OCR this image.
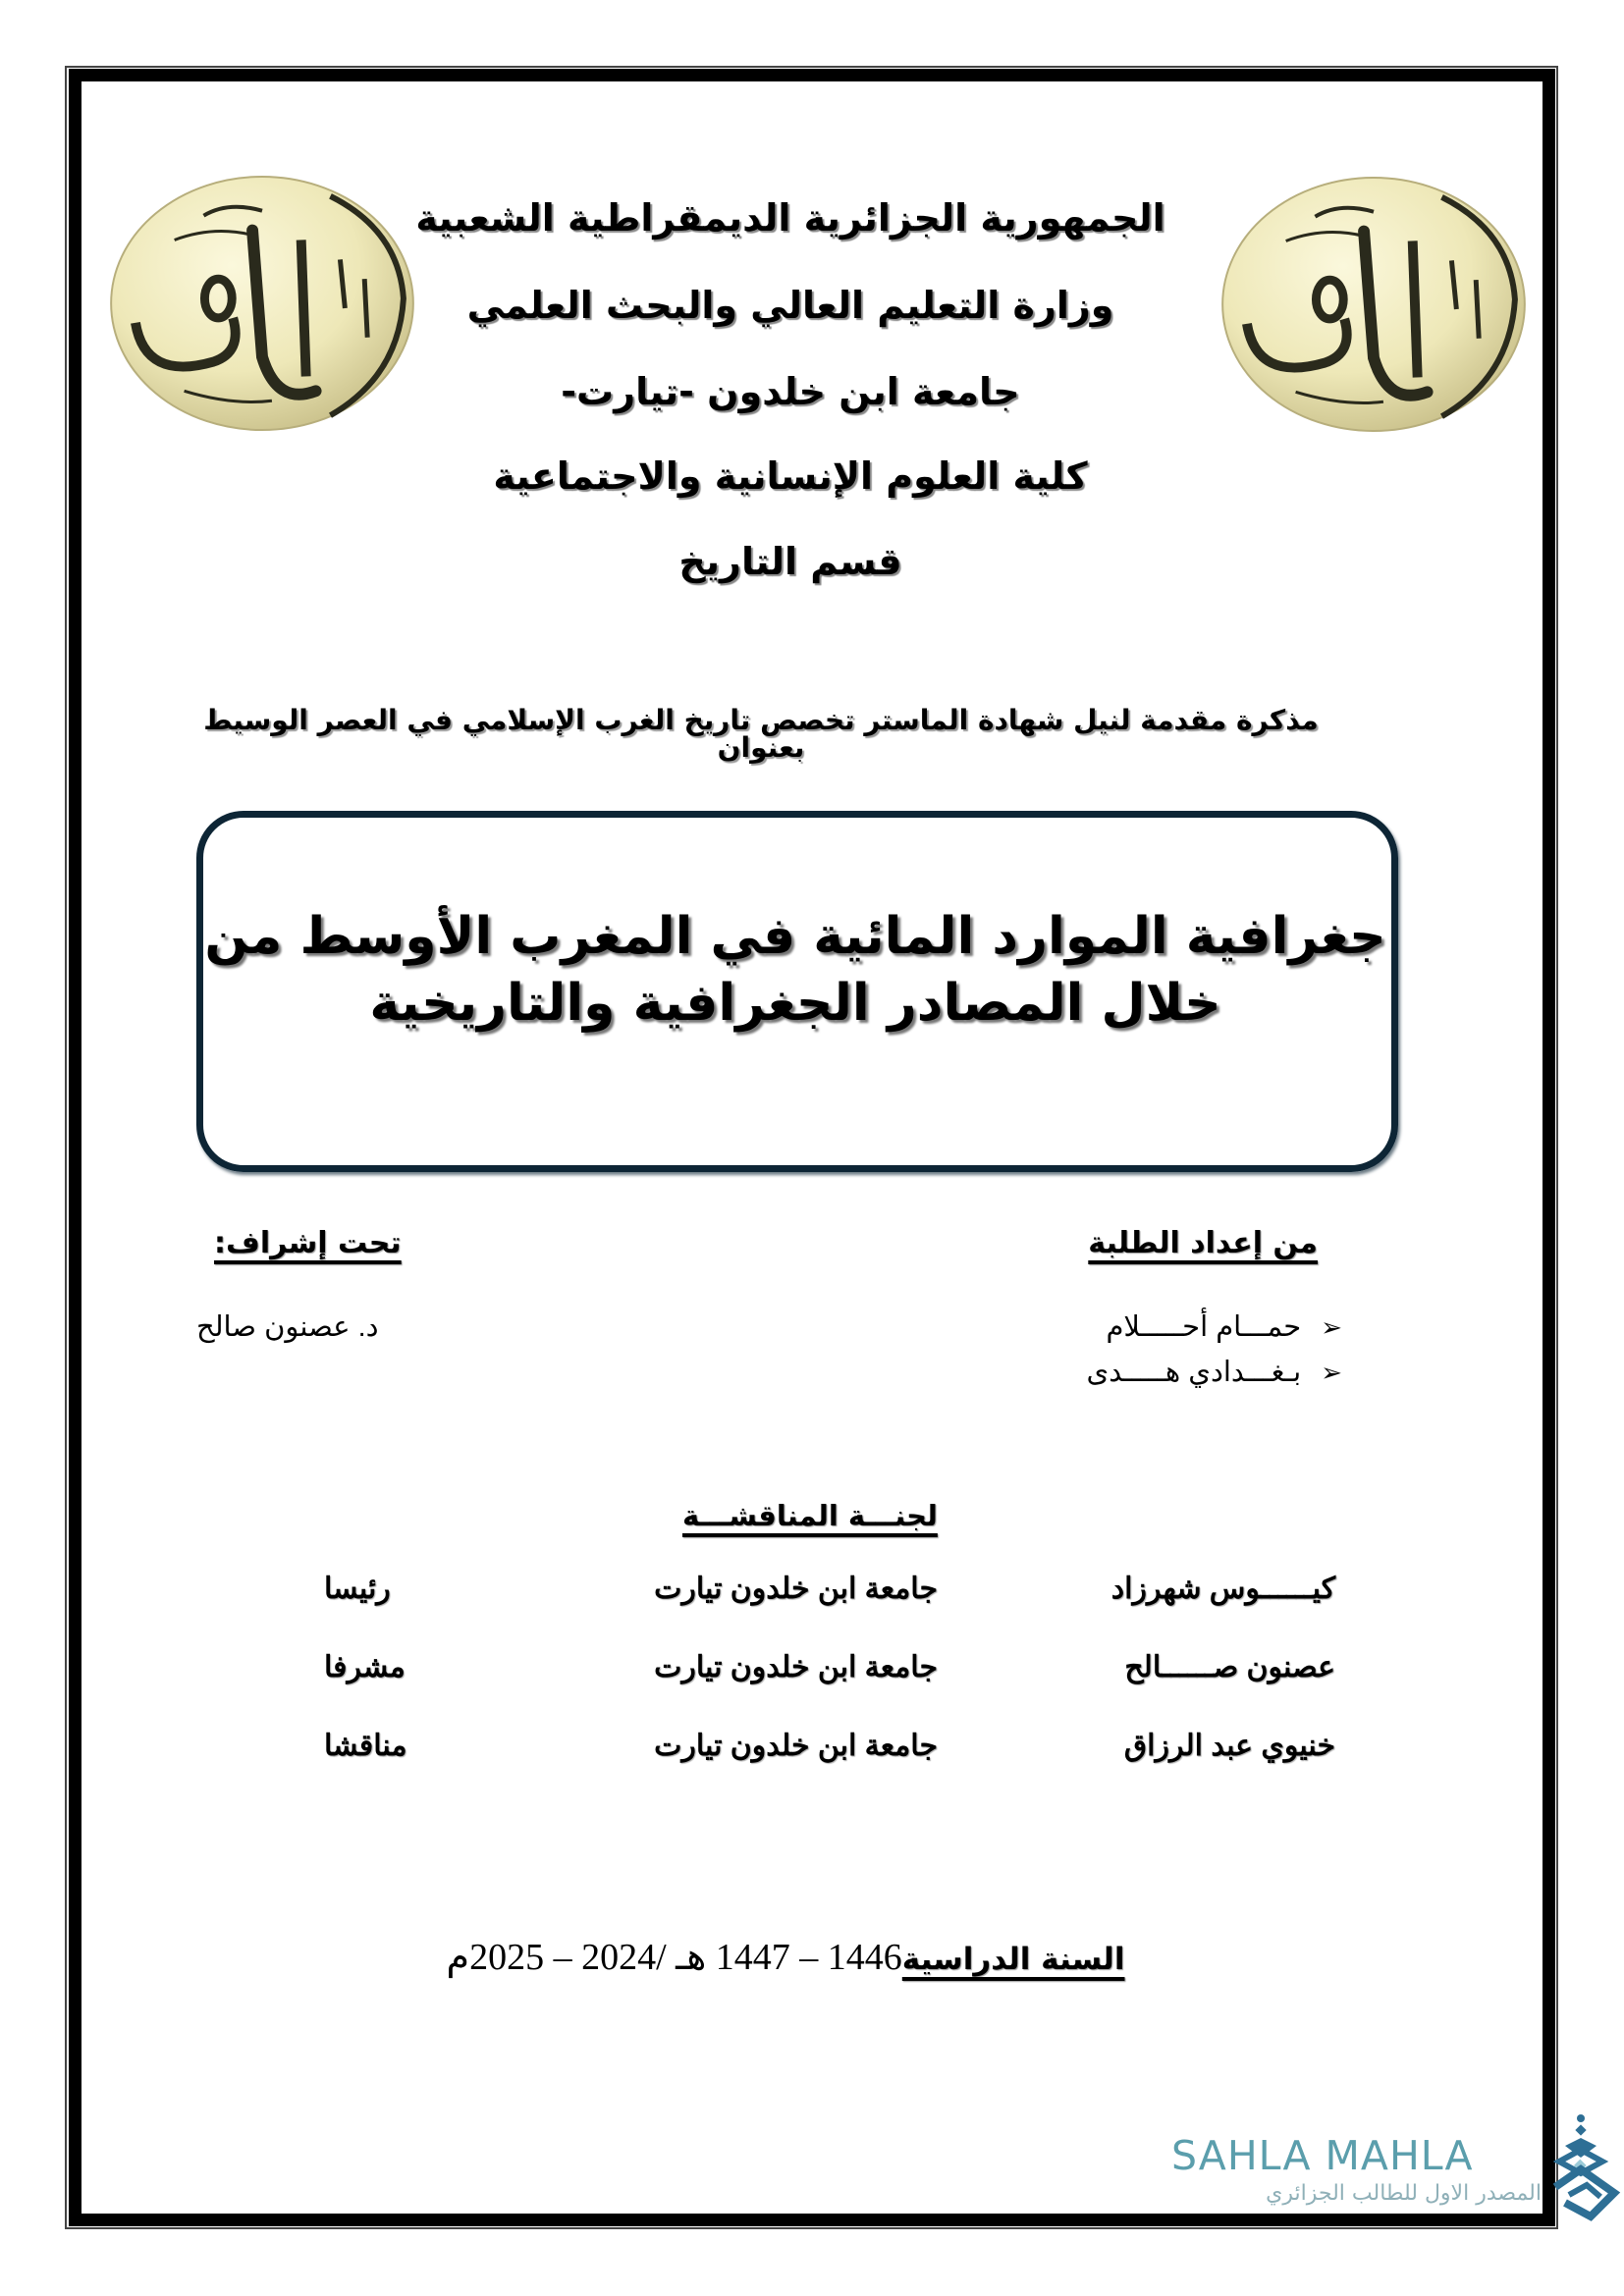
الجمهورية الجزائرية الديمقراطية الشعبية
وزارة التعليم العالي والبحث العلمي
جامعة ابن خلدون -تيارت-
كلية العلوم الإنسانية والاجتماعية
قسم التاريخ
مذكرة مقدمة لنيل شهادة الماستر تخصص تاريخ الغرب الإسلامي في العصر الوسيط بعنوان
جغرافية الموارد المائية في المغرب الأوسط من
خلال المصادر الجغرافية والتاريخية
من إعداد الطلبة
➢حمـــام أحـــــلام
➢بـغـــدادي هـــــدى
تحت إشراف:
د. عصنون صالح
لجنـــة المناقشـــة
كيــــــوس شهرزاد
جامعة ابن خلدون تيارت
رئيسا
عصنون صــــــالح
جامعة ابن خلدون تيارت
مشرفا
خنيوي عبد الرزاق
جامعة ابن خلدون تيارت
مناقشا
السنة الدراسية1446 – 1447 هـ /2024 – 2025م
SAHLA MAHLA
المصدر الاول للطالب الجزائري
